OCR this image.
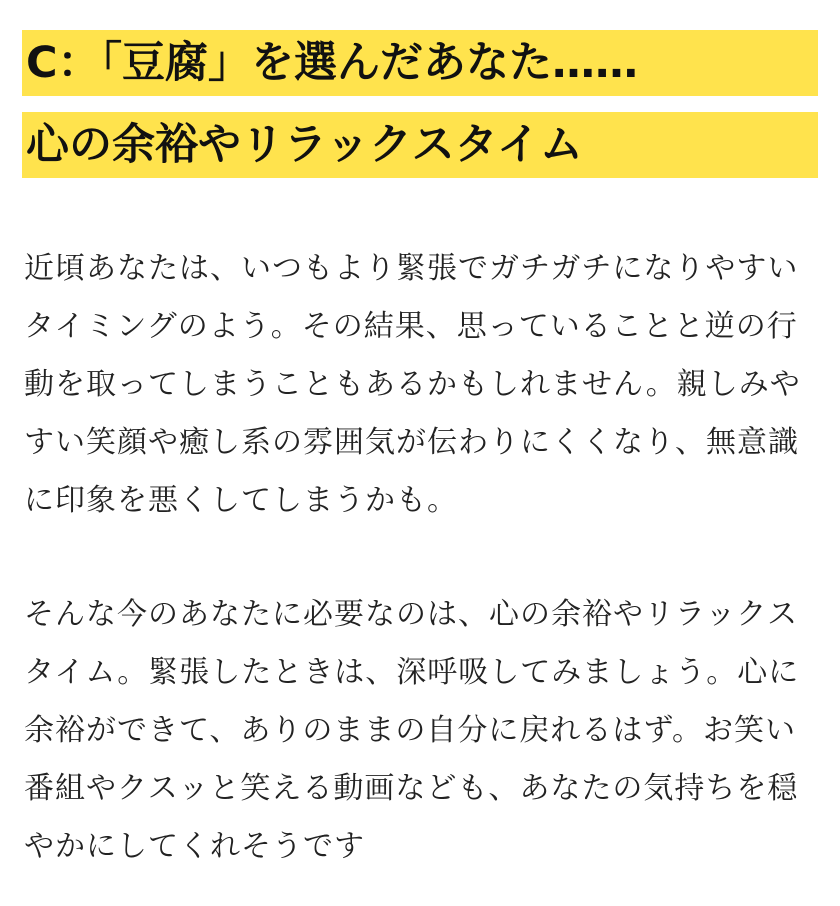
C：「豆腐」を選んだあなた……
心の余裕やリラックスタイム

近頃あなたは、いつもより緊張でガチガチになりやすいタイミングのよう。その結果、思っていることと逆の行動を取ってしまうこともあるかもしれません。親しみやすい笑顔や癒し系の雰囲気が伝わりにくくなり、無意識に印象を悪くしてしまうかも。

そんな今のあなたに必要なのは、心の余裕やリラックスタイム。緊張したときは、深呼吸してみましょう。心に余裕ができて、ありのままの自分に戻れるはず。お笑い番組やクスッと笑える動画なども、あなたの気持ちを穏やかにしてくれそうです
